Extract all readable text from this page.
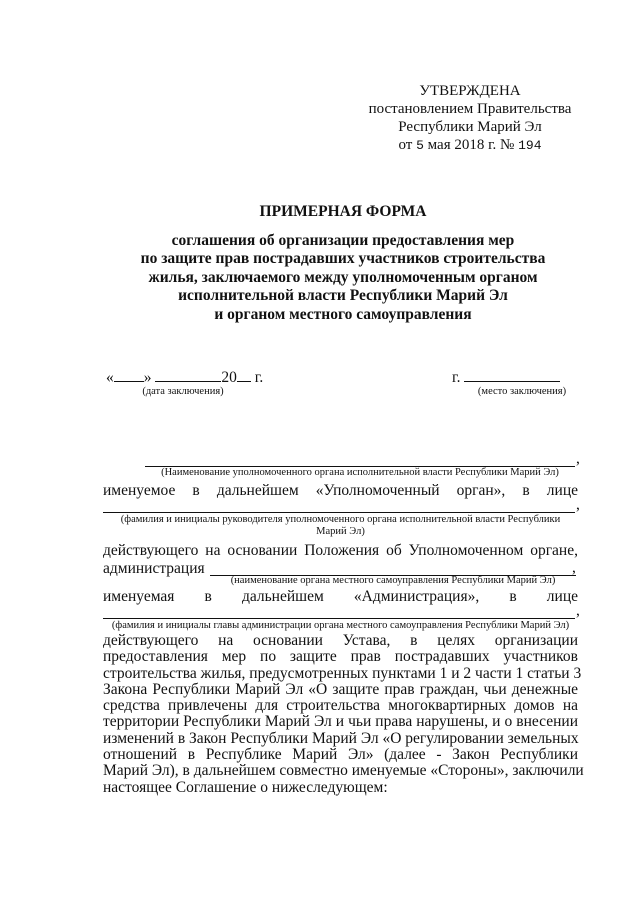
УТВЕРЖДЕНА
постановлением Правительства
Республики Марий Эл
от 5 мая 2018 г. № 194
ПРИМЕРНАЯ ФОРМА
соглашения об организации предоставления мер
по защите прав пострадавших участников строительства
жилья, заключаемого между уполномоченным органом
исполнительной власти Республики Марий Эл
и органом местного самоуправления
« »	20 г.
(дата заключения)
г.
(место заключения)
,
(Наименование уполномоченного органа исполнительной власти Республики Марий Эл)
именуемое в дальнейшем «Уполномоченный орган», в лице
,
(фамилия и инициалы руководителя уполномоченного органа исполнительной власти Республики
Марий Эл)
действующего на основании Положения об Уполномоченном органе,
администрация	,
(наименование органа местного самоуправления Республики Марий Эл)
именуемая в дальнейшем «Администрация», в лице
,
(фамилия и инициалы главы администрации органа местного самоуправления Республики Марий Эл)
действующего на основании Устава, в целях организации
предоставления мер по защите прав пострадавших участников
строительства жилья, предусмотренных пунктами 1 и 2 части 1 статьи 3
Закона Республики Марий Эл «О защите прав граждан, чьи денежные
средства привлечены для строительства многоквартирных домов на
территории Республики Марий Эл и чьи права нарушены, и о внесении
изменений в Закон Республики Марий Эл «О регулировании земельных
отношений в Республике Марий Эл» (далее - Закон Республики
Марий Эл), в дальнейшем совместно именуемые «Стороны», заключили
настоящее Соглашение о нижеследующем:
